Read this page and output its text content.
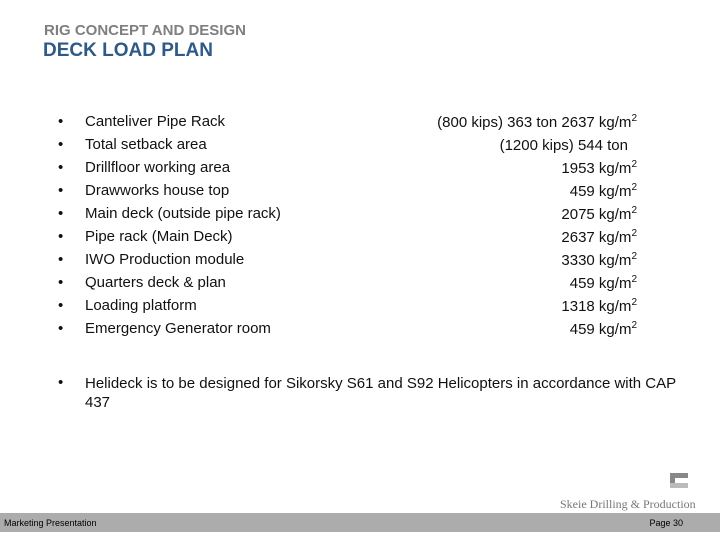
RIG CONCEPT AND DESIGN
DECK LOAD PLAN
• Canteliver Pipe Rack	(800 kips) 363 ton 2637 $kg/m^2$
• Total setback area	(1200 kips) 544 ton
• Drillfloor working area	1953 $kg/m^2$
• Drawworks house top	459 $kg/m^2$
• Main deck (outside pipe rack)	2075 $kg/m^2$
• Pipe rack (Main Deck)	2637 $kg/m^2$
• IWO Production module	3330 $kg/m^2$
• Quarters deck & plan	459 $kg/m^2$
• Loading platform	1318 $kg/m^2$
• Emergency Generator room	459 $kg/m^2$
• Helideck is to be designed for Sikorsky S61 and S92 Helicopters in accordance with CAP 437
Skeie Drilling & Production
Marketing Presentation	Page 30
